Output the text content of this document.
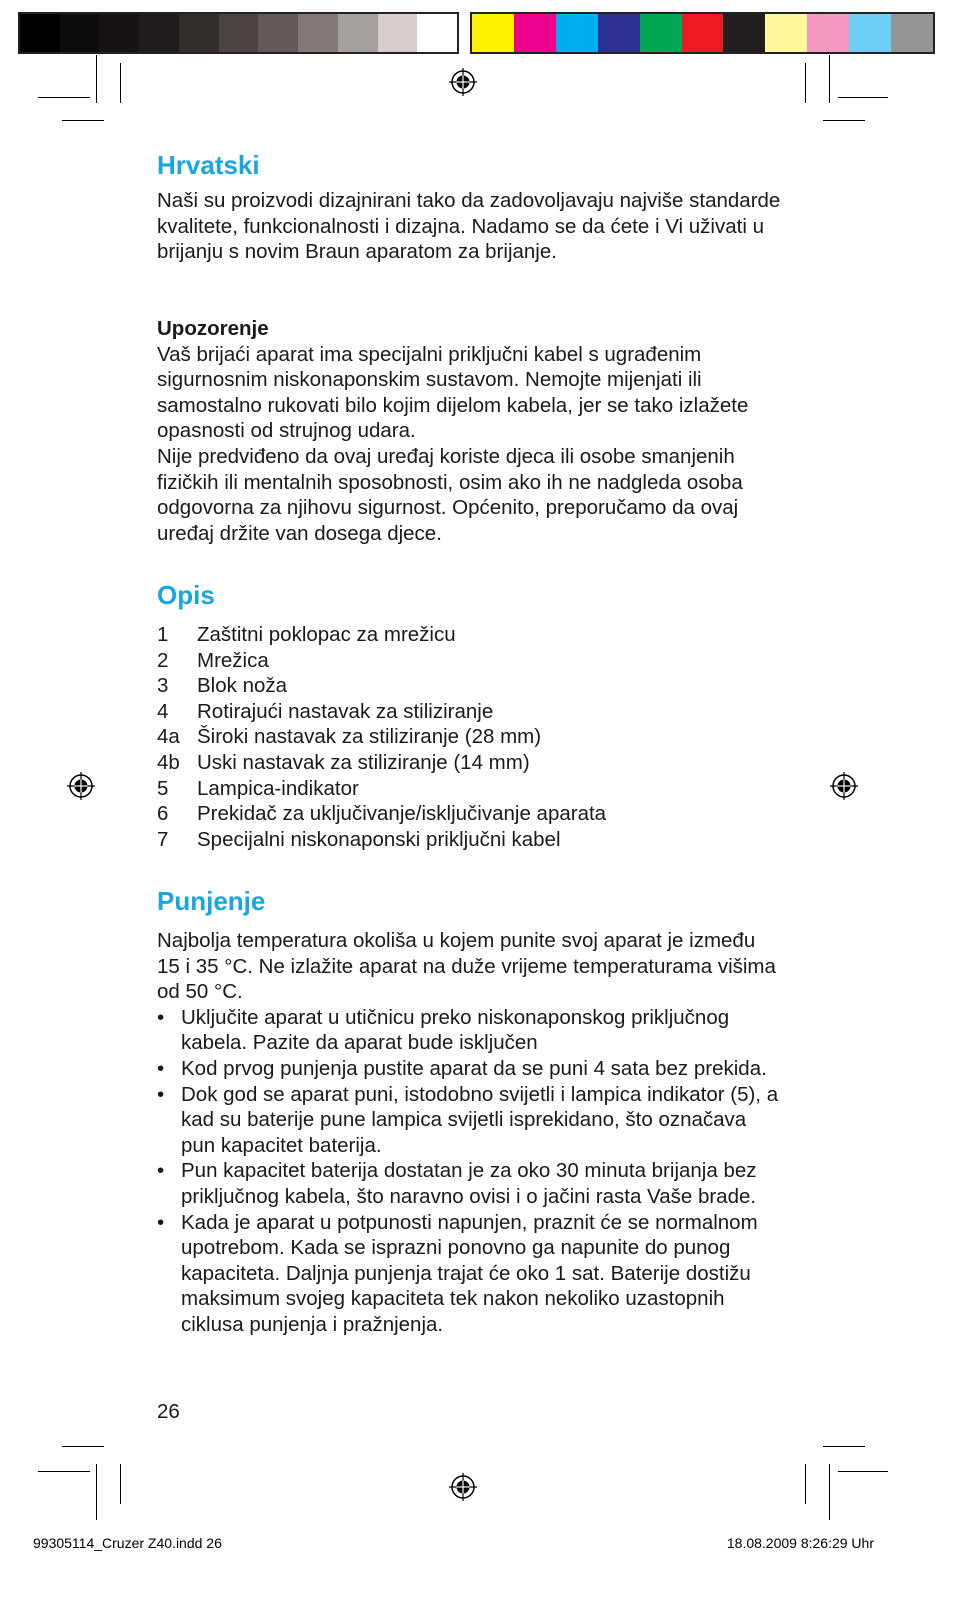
Hrvatski

Naši su proizvodi dizajnirani tako da zadovoljavaju najviše standarde kvalitete, funkcionalnosti i dizajna. Nadamo se da ćete i Vi uživati u brijanju s novim Braun aparatom za brijanje.

Upozorenje

Vaš brijaći aparat ima specijalni priključni kabel s ugrađenim sigurnosnim niskonaponskim sustavom. Nemojte mijenjati ili samostalno rukovati bilo kojim dijelom kabela, jer se tako izlažete opasnosti od strujnog udara.

Nije predviđeno da ovaj uređaj koriste djeca ili osobe smanjenih fizičkih ili mentalnih sposobnosti, osim ako ih ne nadgleda osoba odgovorna za njihovu sigurnost. Općenito, preporučamo da ovaj uređaj držite van dosega djece.

Opis
1	Zaštitni poklopac za mrežicu
2	Mrežica
3	Blok noža
4	Rotirajući nastavak za stiliziranje
4a Široki nastavak za stiliziranje (28 mm)
4b Uski nastavak za stiliziranje (14 mm)
5	Lampica-indikator
6	Prekidač za uključivanje/isključivanje aparata
7	Specijalni niskonaponski priključni kabel
Punjenje

Najbolja temperatura okoliša u kojem punite svoj aparat je između 15 i 35 °C. Ne izlažite aparat na duže vrijeme temperaturama višima od 50 °C.

• Uključite aparat u utičnicu preko niskonaponskog priključnog kabela. Pazite da aparat bude isključen
• Kod prvog punjenja pustite aparat da se puni 4 sata bez prekida.
• Dok god se aparat puni, istodobno svijetli i lampica indikator (5), a kad su baterije pune lampica svijetli isprekidano, što označava pun kapacitet baterija.
• Pun kapacitet baterija dostatan je za oko 30 minuta brijanja bez priključnog kabela, što naravno ovisi i o jačini rasta Vaše brade.
• Kada je aparat u potpunosti napunjen, praznit će se normalnom upotrebom. Kada se isprazni ponovno ga napunite do punog kapaciteta. Daljnja punjenja trajat će oko 1 sat. Baterije dostižu maksimum svojeg kapaciteta tek nakon nekoliko uzastopnih ciklusa punjenja i pražnjenja.
26
99305114_Cruzer Z40.indd 26	18.08.2009 8:26:29 Uhr
